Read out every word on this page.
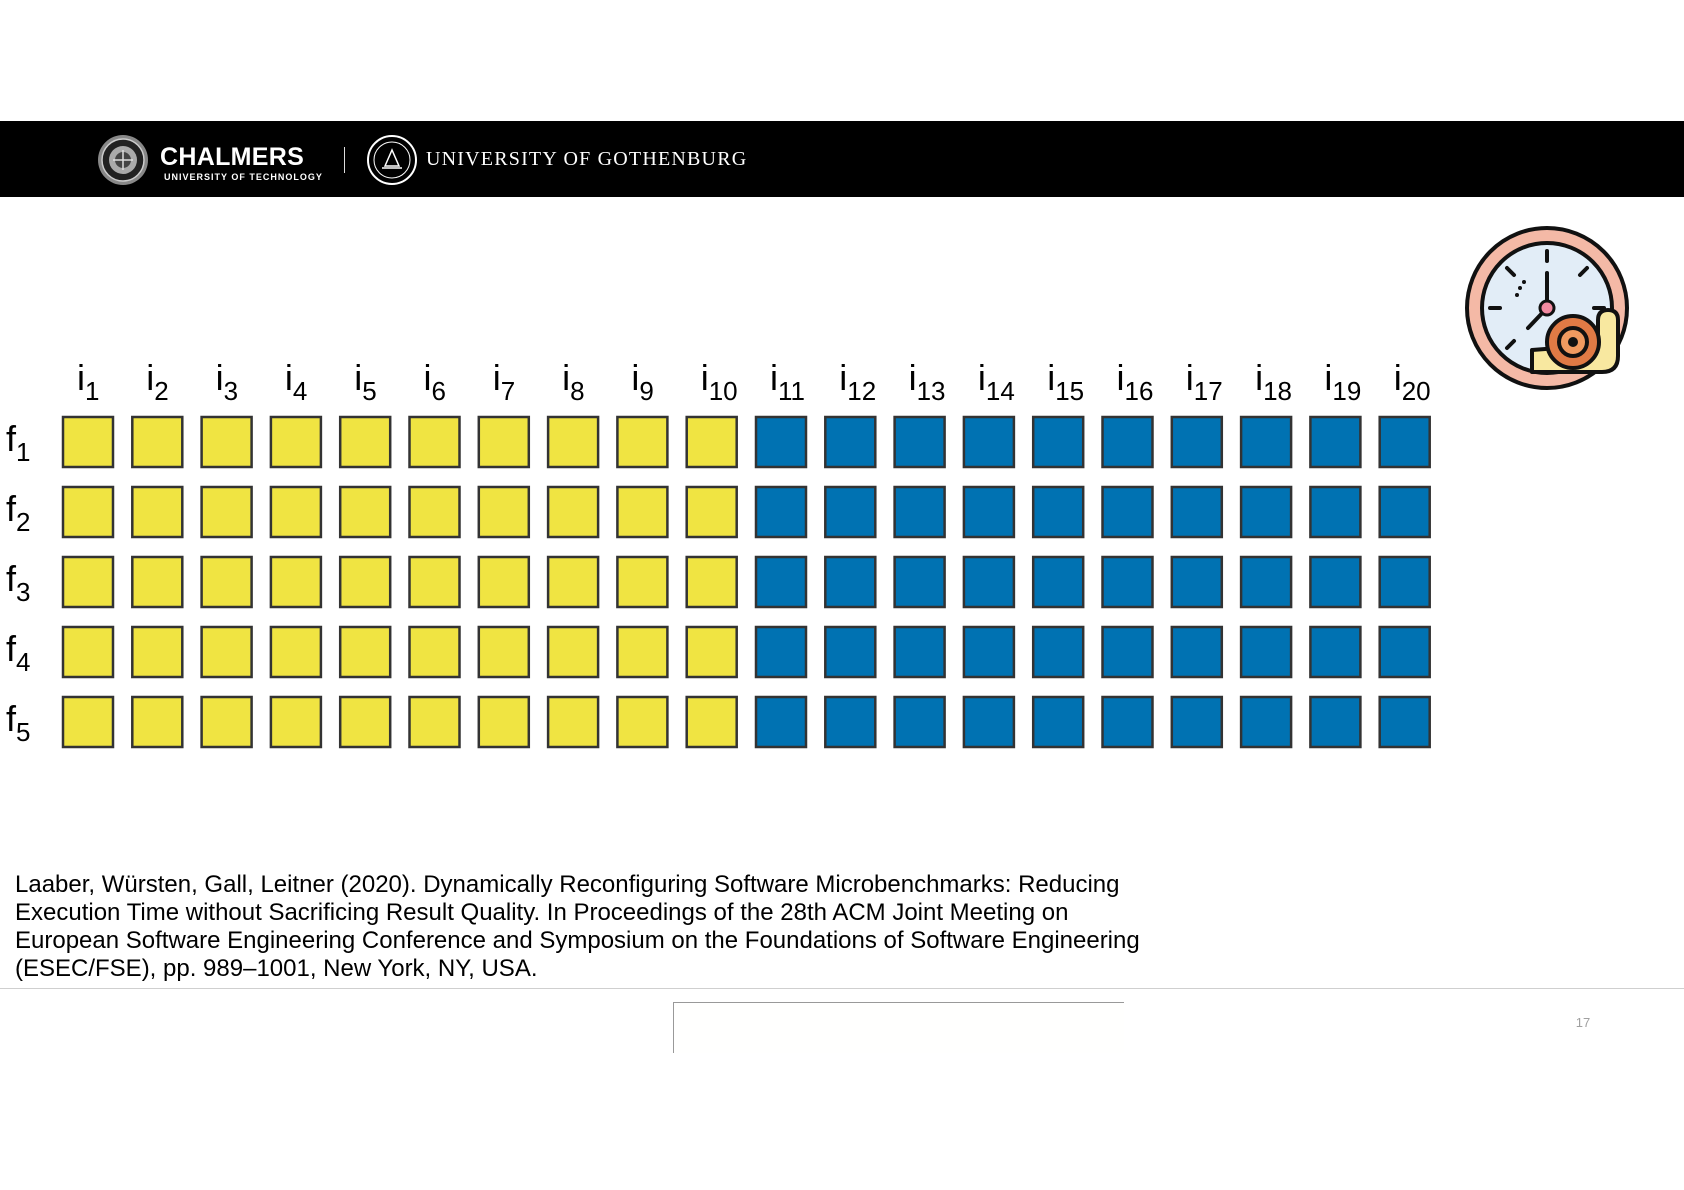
CHALMERS
UNIVERSITY OF TECHNOLOGY
UNIVERSITY OF GOTHENBURG
$i_1$ $i_2$ $i_3$ $i_4$ $i_5$ $i_6$ $i_7$ $i_8$ $i_9$ $i_{10}$ $i_{11}$ $i_{12}$ $i_{13}$ $i_{14}$ $i_{15}$ $i_{16}$ $i_{17}$ $i_{18}$ $i_{19}$ $i_{20}$
$f_1$
$f_2$
$f_3$
$f_4$
$f_5$
Laaber, Würsten, Gall, Leitner (2020). Dynamically Reconfiguring Software Microbenchmarks: Reducing
Execution Time without Sacrificing Result Quality. In Proceedings of the 28th ACM Joint Meeting on
European Software Engineering Conference and Symposium on the Foundations of Software Engineering
(ESEC/FSE), pp. 989–1001, New York, NY, USA.
17
